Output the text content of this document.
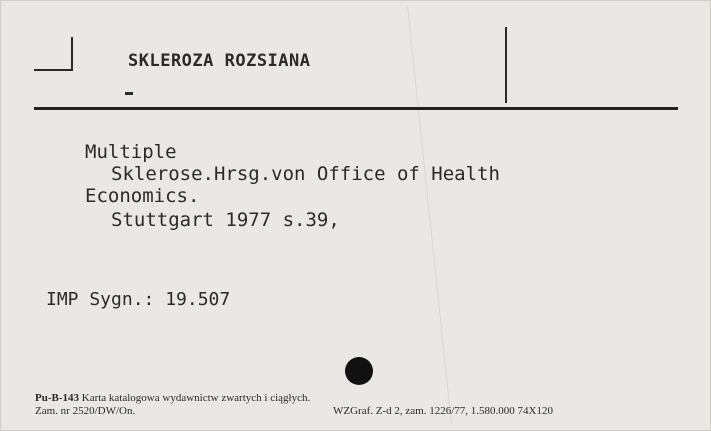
SKLEROZA ROZSIANA
Multiple
Sklerose.Hrsg.von Office of Health
Economics.
Stuttgart 1977 s.39,
IMP Sygn.: 19.507
Pu-B-143 Karta katalogowa wydawnictw zwartych i ciągłych.
Zam. nr 2520/DW/On.	WZGraf. Z-d 2, zam. 1226/77, 1.580.000 74X120
